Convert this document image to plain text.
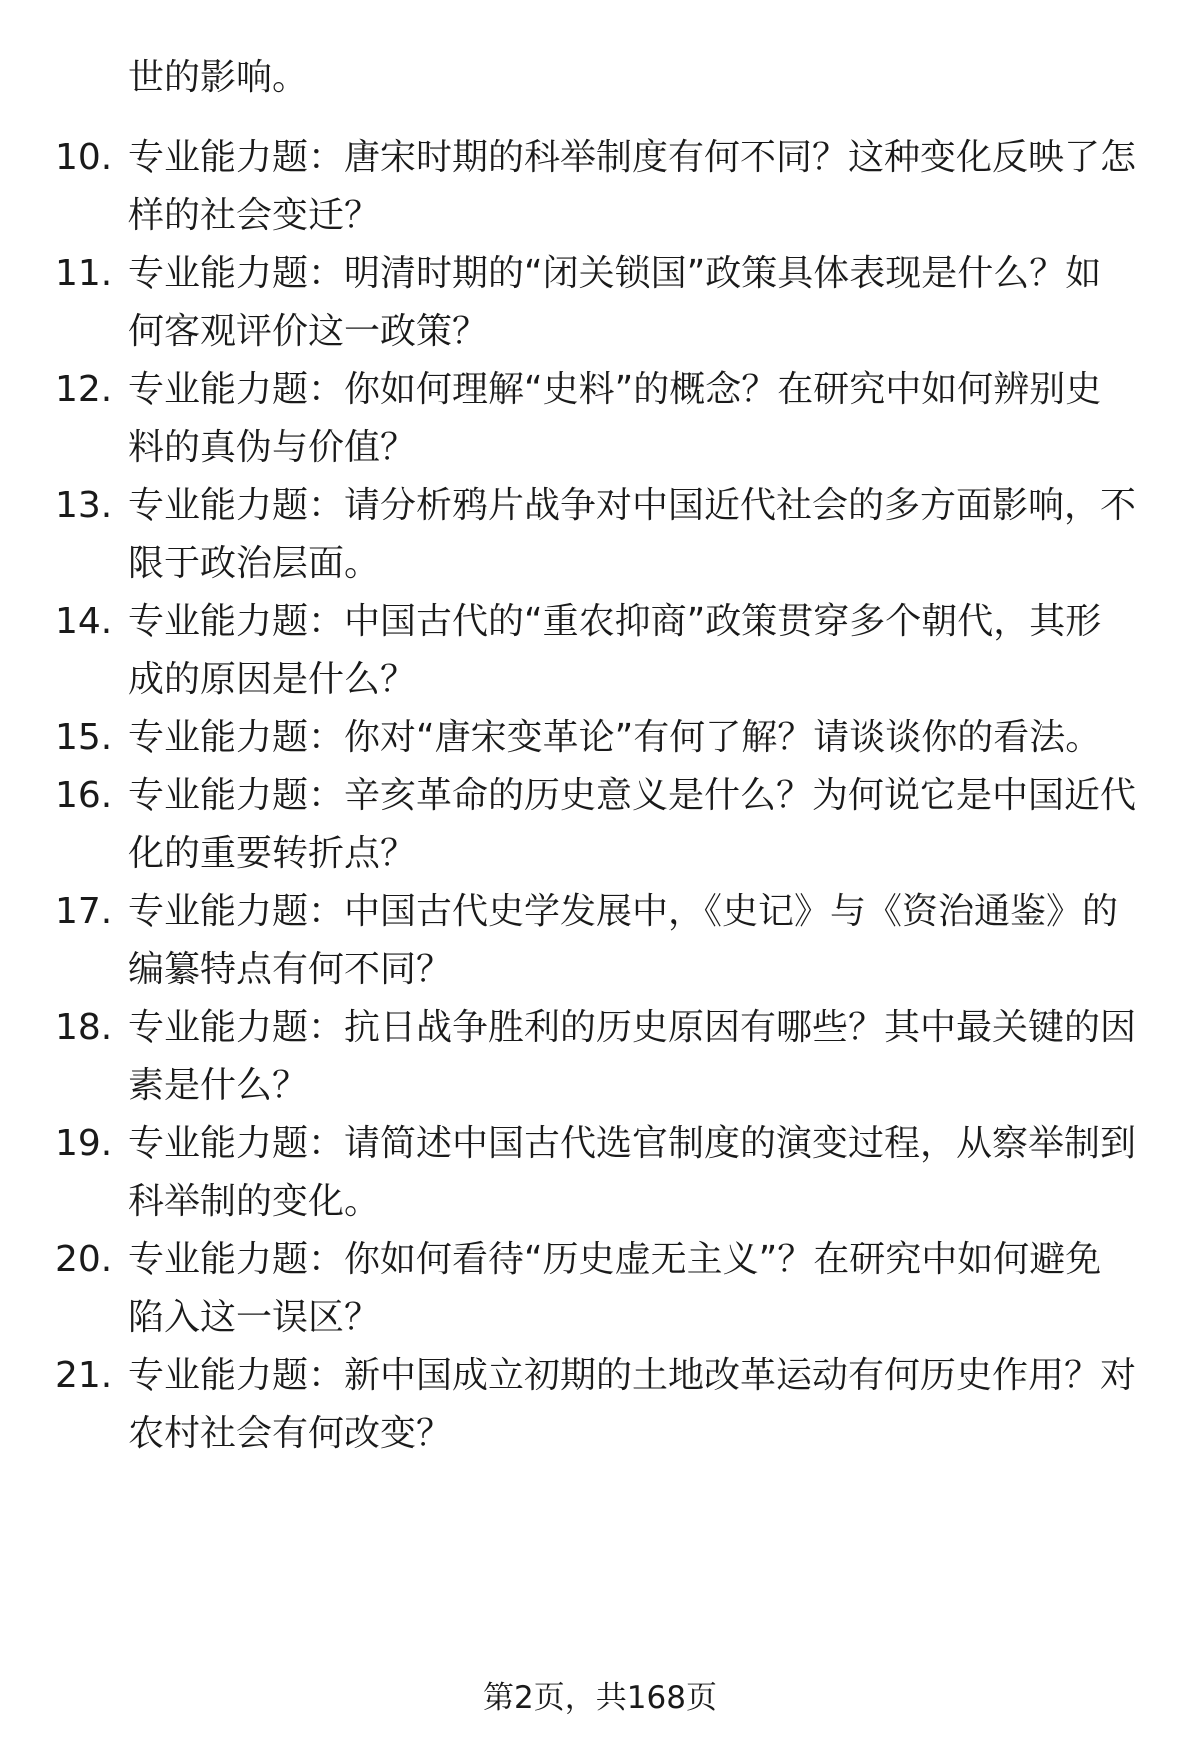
世的影响。
10. 专业能力题：唐宋时期的科举制度有何不同？这种变化反映了怎
样的社会变迁？
11. 专业能力题：明清时期的“闭关锁国”政策具体表现是什么？如
何客观评价这一政策？
12. 专业能力题：你如何理解“史料”的概念？在研究中如何辨别史
料的真伪与价值？
13. 专业能力题：请分析鸦片战争对中国近代社会的多方面影响，不
限于政治层面。
14. 专业能力题：中国古代的“重农抑商”政策贯穿多个朝代，其形
成的原因是什么？
15. 专业能力题：你对“唐宋变革论”有何了解？请谈谈你的看法。
16. 专业能力题：辛亥革命的历史意义是什么？为何说它是中国近代
化的重要转折点？
17. 专业能力题：中国古代史学发展中，《史记》与《资治通鉴》的
编纂特点有何不同？
18. 专业能力题：抗日战争胜利的历史原因有哪些？其中最关键的因
素是什么？
19. 专业能力题：请简述中国古代选官制度的演变过程，从察举制到
科举制的变化。
20. 专业能力题：你如何看待“历史虚无主义”？在研究中如何避免
陷入这一误区？
21. 专业能力题：新中国成立初期的土地改革运动有何历史作用？对
农村社会有何改变？
第2页，共168页
